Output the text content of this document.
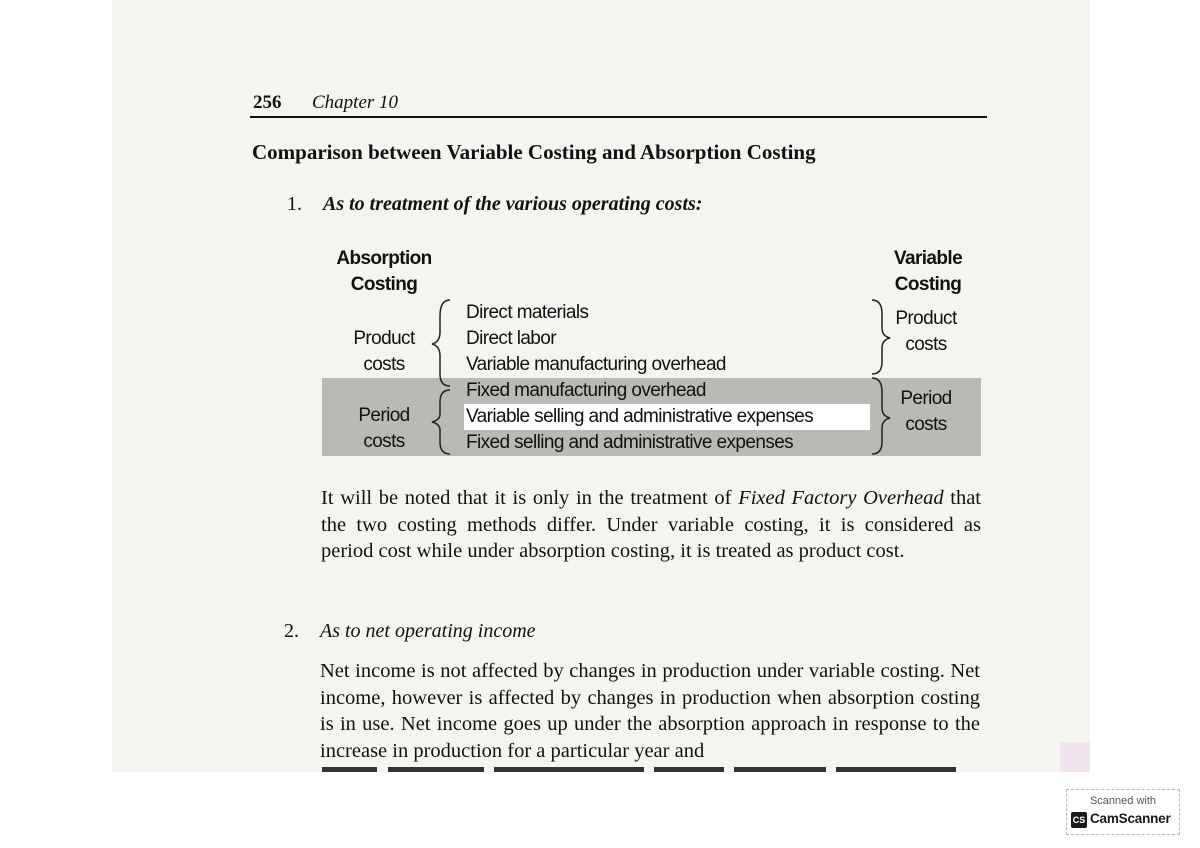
256 Chapter 10
Comparison between Variable Costing and Absorption Costing
1. As to treatment of the various operating costs:
Absorption Costing
Variable Costing
Product costs
Period costs
Product costs
Period costs
Direct materials
Direct labor
Variable manufacturing overhead
Fixed manufacturing overhead
Variable selling and administrative expenses
Fixed selling and administrative expenses
It will be noted that it is only in the treatment of Fixed Factory Overhead that the two costing methods differ. Under variable costing, it is considered as period cost while under absorption costing, it is treated as product cost.
2. As to net operating income
Net income is not affected by changes in production under variable costing. Net income, however is affected by changes in production when absorption costing is in use. Net income goes up under the absorption approach in response to the increase in production for a particular year and
Scanned with
CS CamScanner
